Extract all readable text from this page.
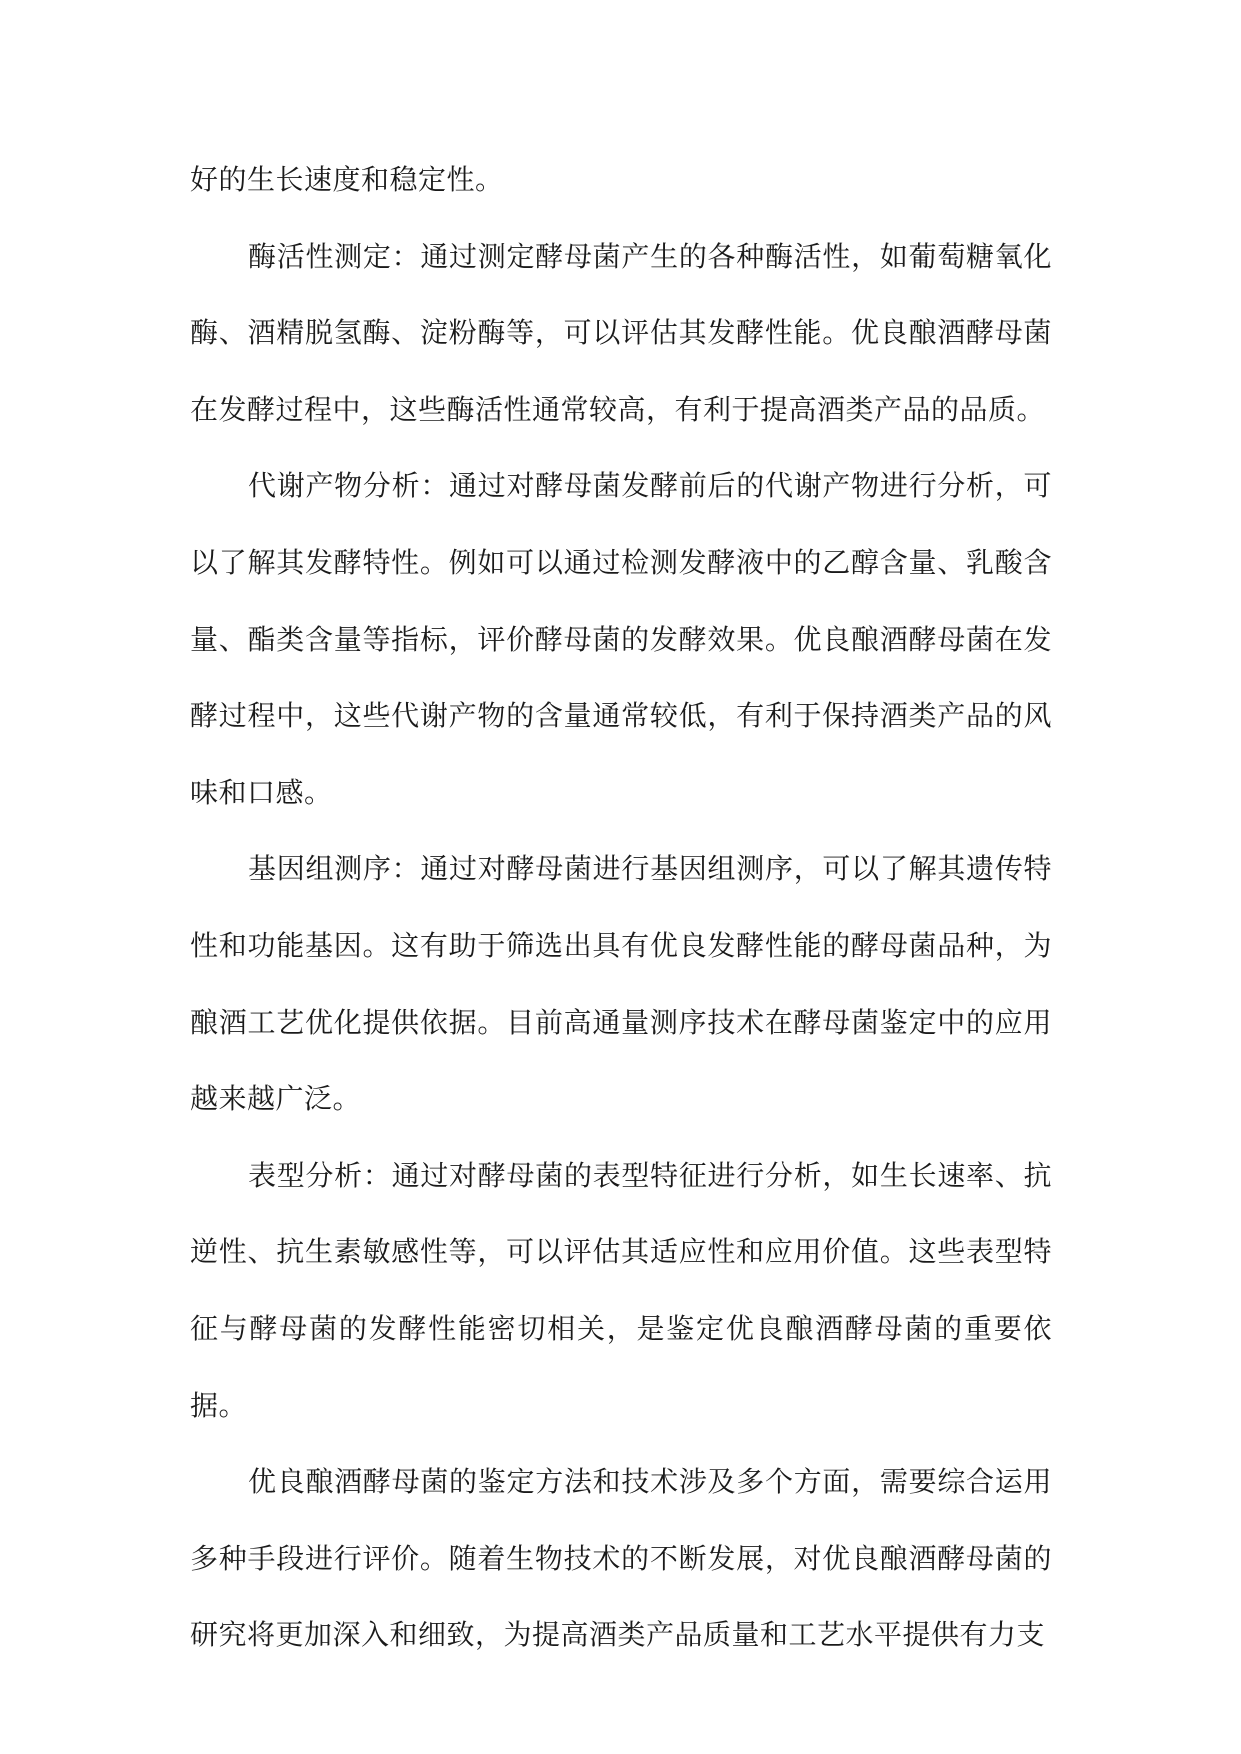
好的生长速度和稳定性。

酶活性测定：通过测定酵母菌产生的各种酶活性，如葡萄糖氧化酶、酒精脱氢酶、淀粉酶等，可以评估其发酵性能。优良酿酒酵母菌在发酵过程中，这些酶活性通常较高，有利于提高酒类产品的品质。

代谢产物分析：通过对酵母菌发酵前后的代谢产物进行分析，可以了解其发酵特性。例如可以通过检测发酵液中的乙醇含量、乳酸含量、酯类含量等指标，评价酵母菌的发酵效果。优良酿酒酵母菌在发酵过程中，这些代谢产物的含量通常较低，有利于保持酒类产品的风味和口感。

基因组测序：通过对酵母菌进行基因组测序，可以了解其遗传特性和功能基因。这有助于筛选出具有优良发酵性能的酵母菌品种，为酿酒工艺优化提供依据。目前高通量测序技术在酵母菌鉴定中的应用越来越广泛。

表型分析：通过对酵母菌的表型特征进行分析，如生长速率、抗逆性、抗生素敏感性等，可以评估其适应性和应用价值。这些表型特征与酵母菌的发酵性能密切相关，是鉴定优良酿酒酵母菌的重要依据。

优良酿酒酵母菌的鉴定方法和技术涉及多个方面，需要综合运用多种手段进行评价。随着生物技术的不断发展，对优良酿酒酵母菌的研究将更加深入和细致，为提高酒类产品质量和工艺水平提供有力支
